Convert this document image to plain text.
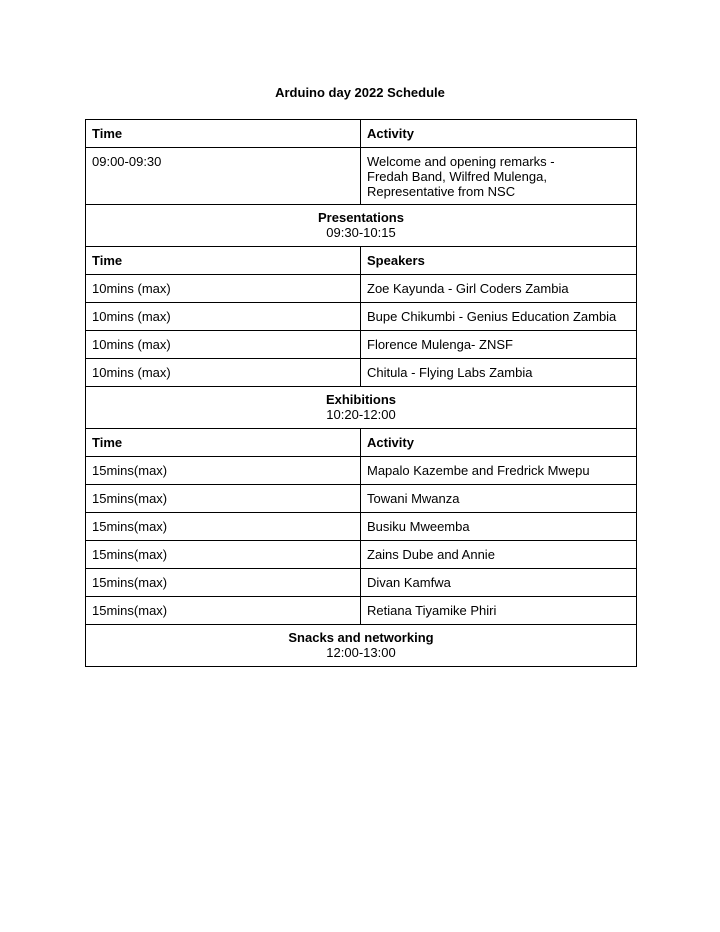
Arduino day 2022 Schedule
Time	Activity
09:00-09:30	Welcome and opening remarks -
Fredah Band, Wilfred Mulenga,
Representative from NSC

Presentations
09:30-10:15	

Time	Speakers
10mins (max)	Zoe Kayunda - Girl Coders Zambia
10mins (max)	Bupe Chikumbi - Genius Education Zambia
10mins (max)	Florence Mulenga- ZNSF
10mins (max)	Chitula - Flying Labs Zambia

Exhibitions
10:20-12:00	

Time	Activity
15mins(max)	Mapalo Kazembe and Fredrick Mwepu
15mins(max)	Towani Mwanza
15mins(max)	Busiku Mweemba
15mins(max)	Zains Dube and Annie
15mins(max)	Divan Kamfwa
15mins(max)	Retiana Tiyamike Phiri

Snacks and networking
12:00-13:00	
